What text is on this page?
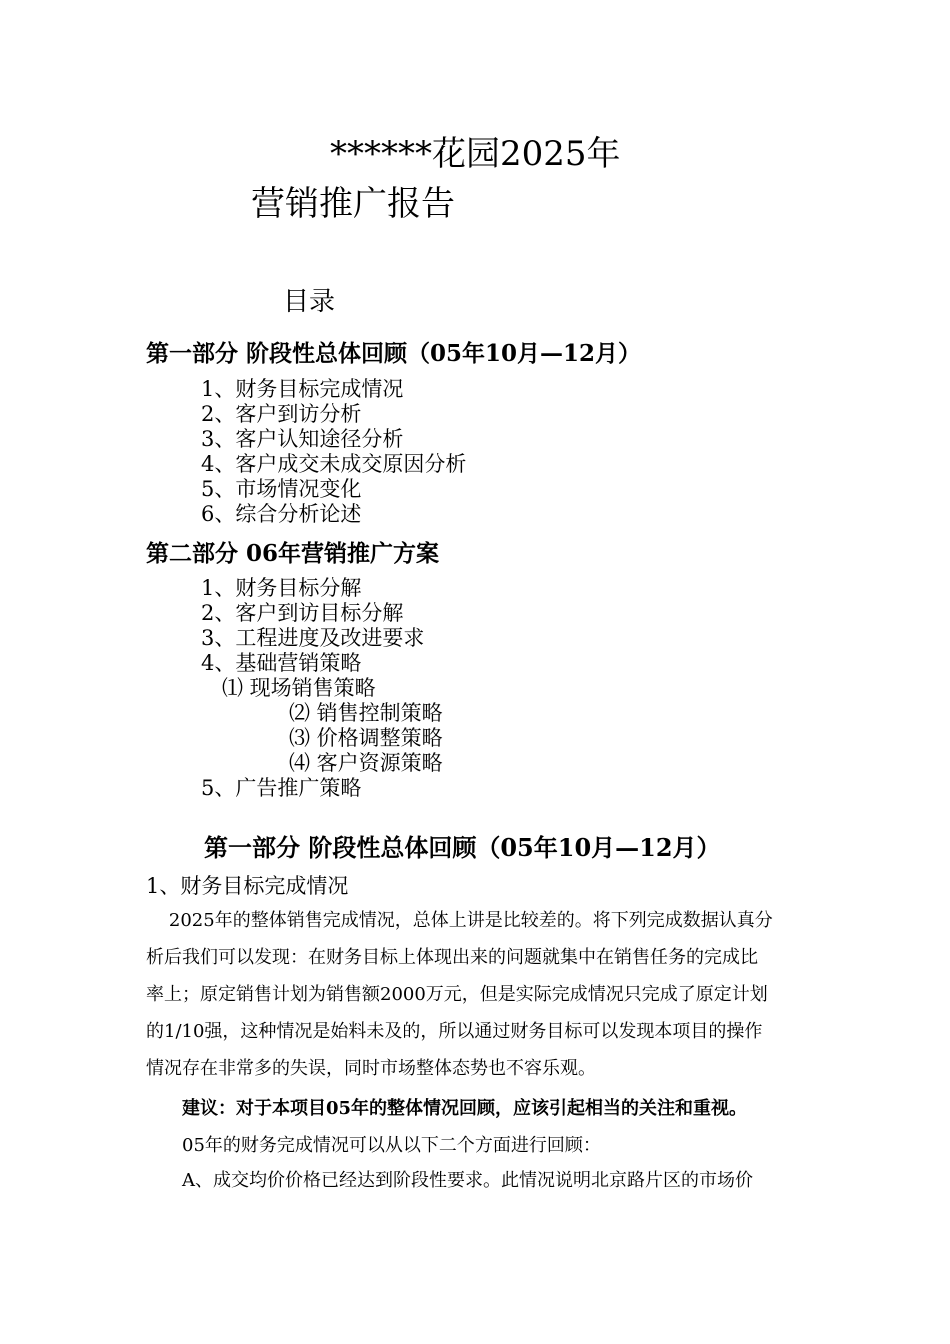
******花园2025年
营销推广报告
目录
第一部分 阶段性总体回顾（05年10月—12月）
1、财务目标完成情况
2、客户到访分析
3、客户认知途径分析
4、客户成交未成交原因分析
5、市场情况变化
6、综合分析论述
第二部分 06年营销推广方案
1、财务目标分解
2、客户到访目标分解
3、工程进度及改进要求
4、基础营销策略
⑴ 现场销售策略
⑵ 销售控制策略
⑶ 价格调整策略
⑷ 客户资源策略
5、广告推广策略
第一部分 阶段性总体回顾（05年10月—12月）
1、财务目标完成情况

2025年的整体销售完成情况，总体上讲是比较差的。将下列完成数据认真分

析后我们可以发现：在财务目标上体现出来的问题就集中在销售任务的完成比

率上；原定销售计划为销售额2000万元，但是实际完成情况只完成了原定计划

的1/10强，这种情况是始料未及的，所以通过财务目标可以发现本项目的操作

情况存在非常多的失误，同时市场整体态势也不容乐观。

建议：对于本项目05年的整体情况回顾，应该引起相当的关注和重视。
05年的财务完成情况可以从以下二个方面进行回顾：
A、成交均价价格已经达到阶段性要求。此情况说明北京路片区的市场价
